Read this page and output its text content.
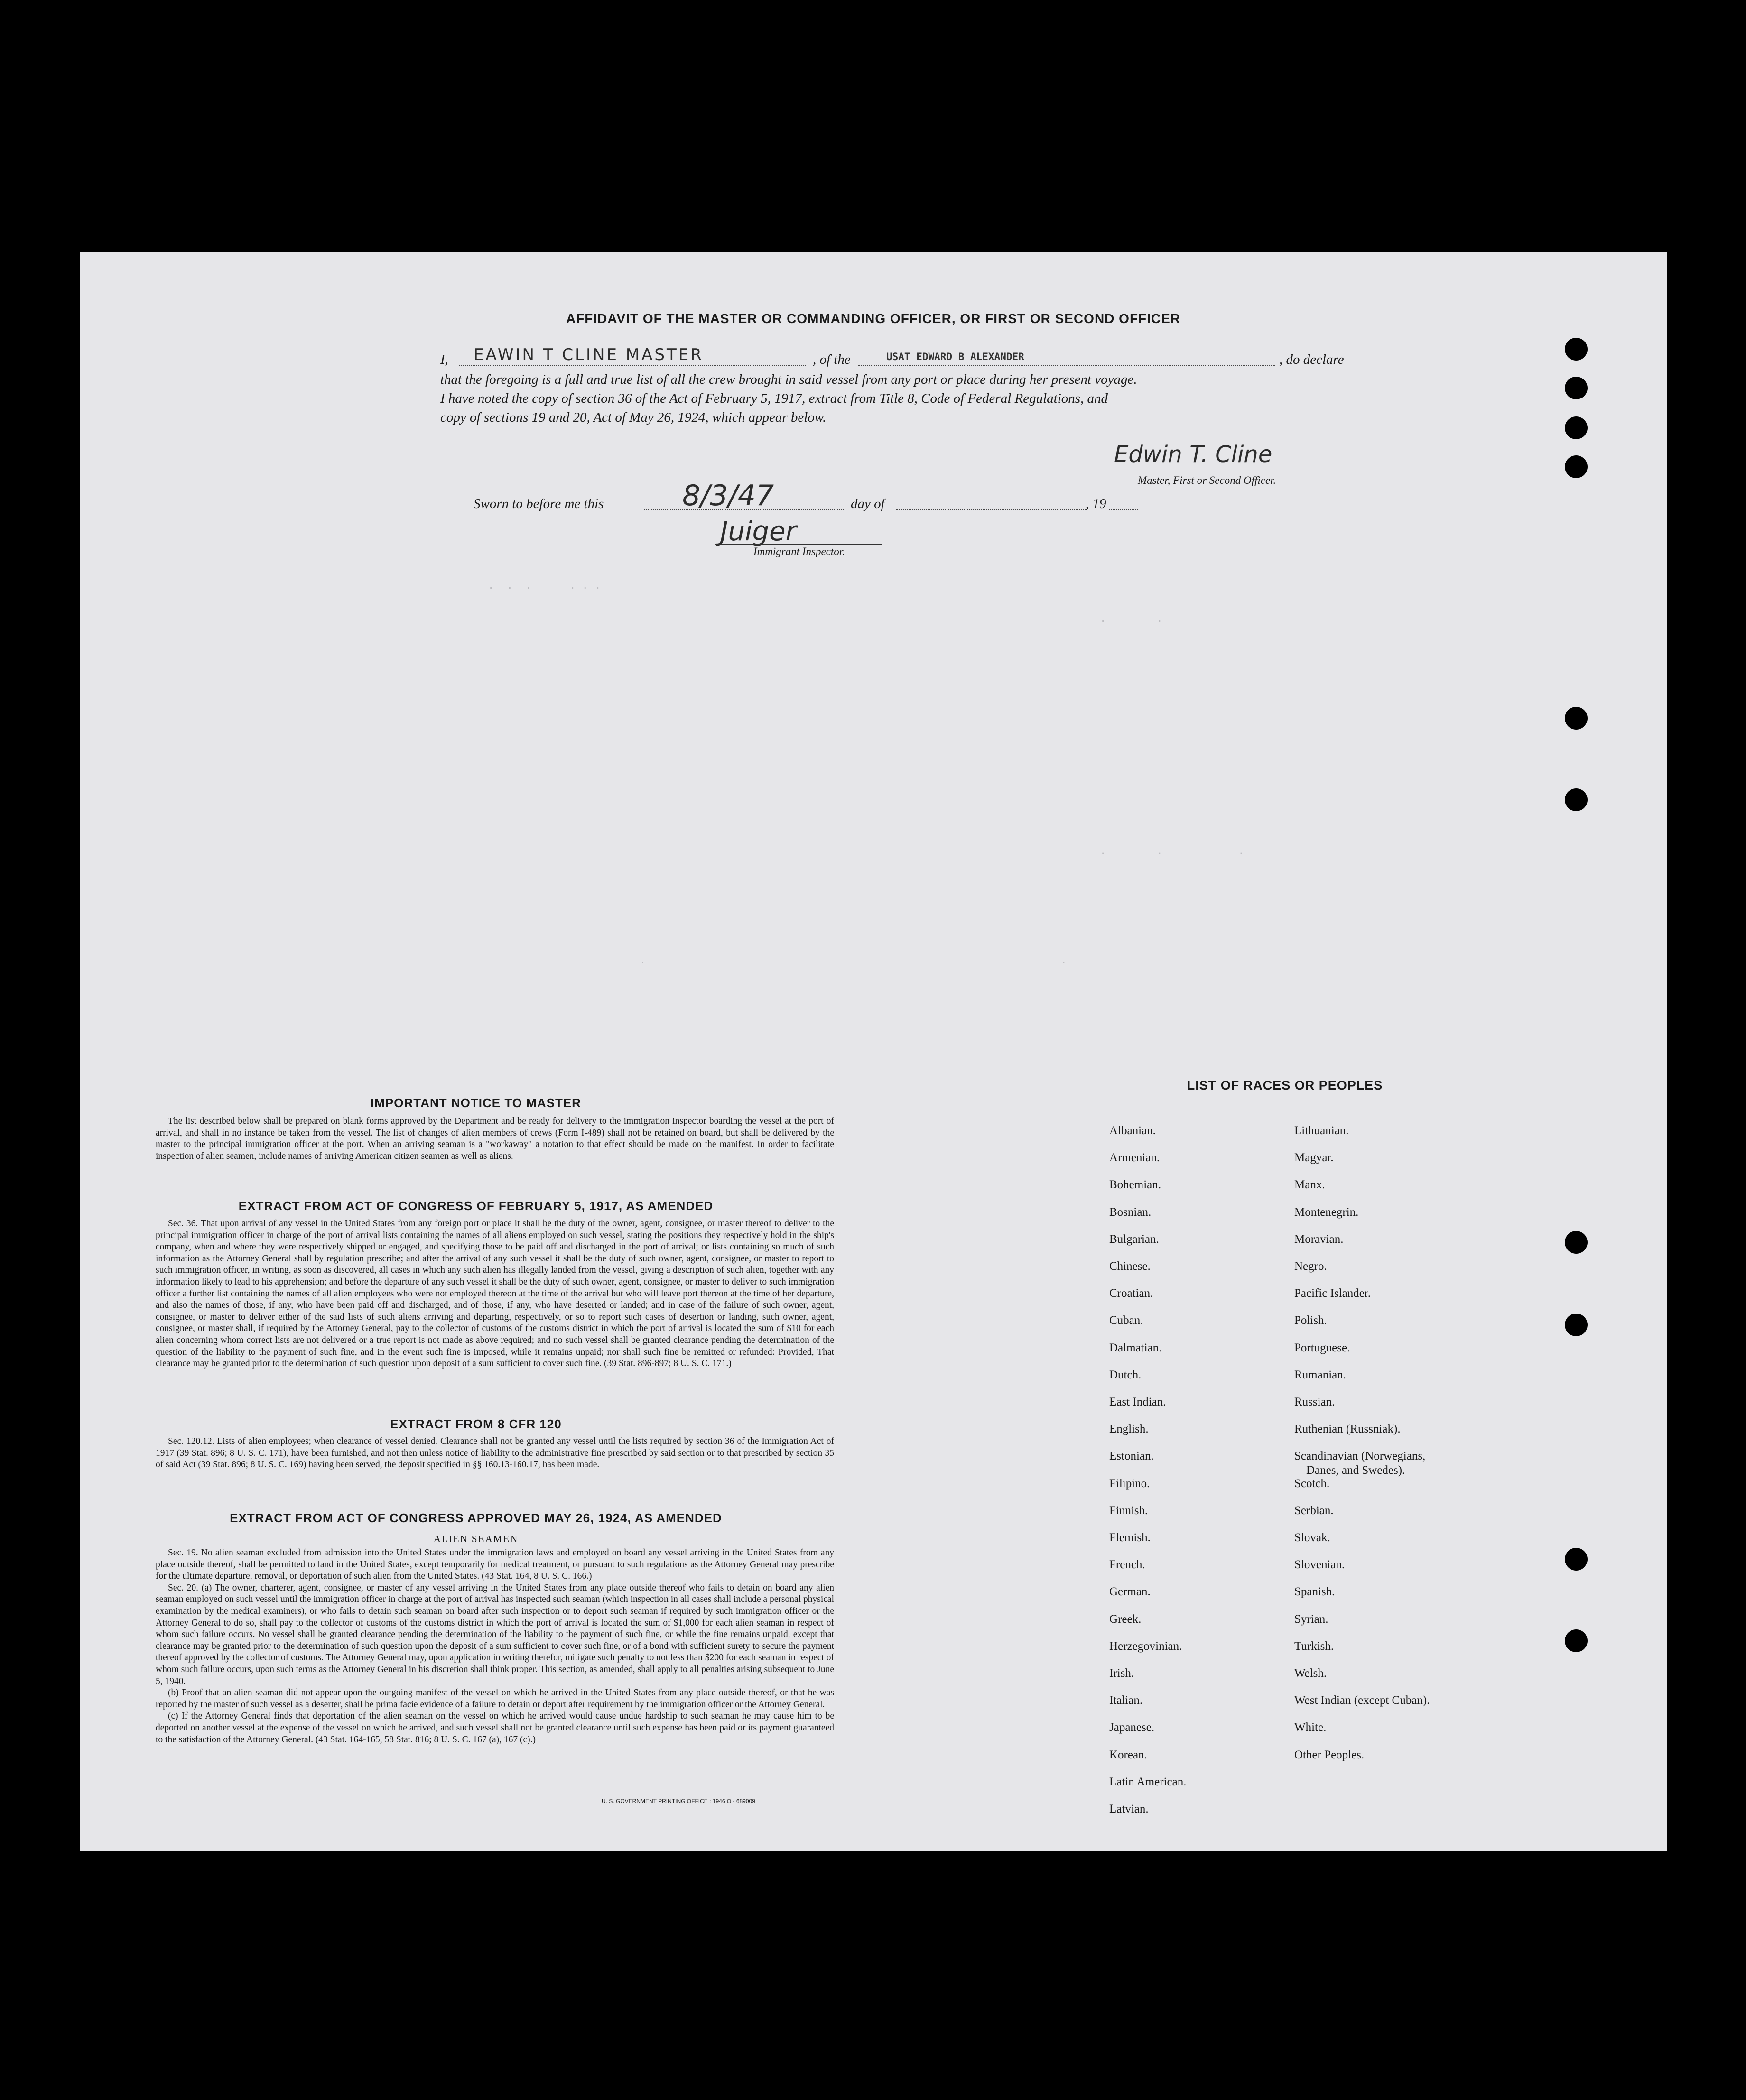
.  .  .      . . .
.        .
.        .            .
.                                                                  .
AFFIDAVIT OF THE MASTER OR COMMANDING OFFICER, OR FIRST OR SECOND OFFICER
I, EAWIN T CLINE MASTER	, of the	USAT EDWARD B ALEXANDER	, do declare
that the foregoing is a full and true list of all the crew brought in said vessel from any port or place during her present voyage.
I have noted the copy of section 36 of the Act of February 5, 1917, extract from Title 8, Code of Federal Regulations, and
copy of sections 19 and 20, Act of May 26, 1924, which appear below.
Edwin T. Cline
Master, First or Second Officer.
Sworn to before me this	8/3/47	day of	, 19
Juiger
Immigrant Inspector.
IMPORTANT NOTICE TO MASTER

The list described below shall be prepared on blank forms approved by the Department and be ready for delivery to the immigration inspector boarding the vessel at the port of arrival, and shall in no instance be taken from the vessel. The list of changes of alien members of crews (Form I-489) shall not be retained on board, but shall be delivered by the master to the principal immigration officer at the port. When an arriving seaman is a "workaway" a notation to that effect should be made on the manifest. In order to facilitate inspection of alien seamen, include names of arriving American citizen seamen as well as aliens.

EXTRACT FROM ACT OF CONGRESS OF FEBRUARY 5, 1917, AS AMENDED

Sec. 36. That upon arrival of any vessel in the United States from any foreign port or place it shall be the duty of the owner, agent, consignee, or master thereof to deliver to the principal immigration officer in charge of the port of arrival lists containing the names of all aliens employed on such vessel, stating the positions they respectively hold in the ship's company, when and where they were respectively shipped or engaged, and specifying those to be paid off and discharged in the port of arrival; or lists containing so much of such information as the Attorney General shall by regulation prescribe; and after the arrival of any such vessel it shall be the duty of such owner, agent, consignee, or master to report to such immigration officer, in writing, as soon as discovered, all cases in which any such alien has illegally landed from the vessel, giving a description of such alien, together with any information likely to lead to his apprehension; and before the departure of any such vessel it shall be the duty of such owner, agent, consignee, or master to deliver to such immigration officer a further list containing the names of all alien employees who were not employed thereon at the time of the arrival but who will leave port thereon at the time of her departure, and also the names of those, if any, who have been paid off and discharged, and of those, if any, who have deserted or landed; and in case of the failure of such owner, agent, consignee, or master to deliver either of the said lists of such aliens arriving and departing, respectively, or so to report such cases of desertion or landing, such owner, agent, consignee, or master shall, if required by the Attorney General, pay to the collector of customs of the customs district in which the port of arrival is located the sum of $10 for each alien concerning whom correct lists are not delivered or a true report is not made as above required; and no such vessel shall be granted clearance pending the determination of the question of the liability to the payment of such fine, and in the event such fine is imposed, while it remains unpaid; nor shall such fine be remitted or refunded: Provided, That clearance may be granted prior to the determination of such question upon deposit of a sum sufficient to cover such fine. (39 Stat. 896-897; 8 U. S. C. 171.)

EXTRACT FROM 8 CFR 120

Sec. 120.12. Lists of alien employees; when clearance of vessel denied. Clearance shall not be granted any vessel until the lists required by section 36 of the Immigration Act of 1917 (39 Stat. 896; 8 U. S. C. 171), have been furnished, and not then unless notice of liability to the administrative fine prescribed by said section or to that prescribed by section 35 of said Act (39 Stat. 896; 8 U. S. C. 169) having been served, the deposit specified in §§ 160.13-160.17, has been made.

EXTRACT FROM ACT OF CONGRESS APPROVED MAY 26, 1924, AS AMENDED
ALIEN SEAMEN

Sec. 19. No alien seaman excluded from admission into the United States under the immigration laws and employed on board any vessel arriving in the United States from any place outside thereof, shall be permitted to land in the United States, except temporarily for medical treatment, or pursuant to such regulations as the Attorney General may prescribe for the ultimate departure, removal, or deportation of such alien from the United States. (43 Stat. 164, 8 U. S. C. 166.)

Sec. 20. (a) The owner, charterer, agent, consignee, or master of any vessel arriving in the United States from any place outside thereof who fails to detain on board any alien seaman employed on such vessel until the immigration officer in charge at the port of arrival has inspected such seaman (which inspection in all cases shall include a personal physical examination by the medical examiners), or who fails to detain such seaman on board after such inspection or to deport such seaman if required by such immigration officer or the Attorney General to do so, shall pay to the collector of customs of the customs district in which the port of arrival is located the sum of $1,000 for each alien seaman in respect of whom such failure occurs. No vessel shall be granted clearance pending the determination of the liability to the payment of such fine, or while the fine remains unpaid, except that clearance may be granted prior to the determination of such question upon the deposit of a sum sufficient to cover such fine, or of a bond with sufficient surety to secure the payment thereof approved by the collector of customs. The Attorney General may, upon application in writing therefor, mitigate such penalty to not less than $200 for each seaman in respect of whom such failure occurs, upon such terms as the Attorney General in his discretion shall think proper. This section, as amended, shall apply to all penalties arising subsequent to June 5, 1940.

(b) Proof that an alien seaman did not appear upon the outgoing manifest of the vessel on which he arrived in the United States from any place outside thereof, or that he was reported by the master of such vessel as a deserter, shall be prima facie evidence of a failure to detain or deport after requirement by the immigration officer or the Attorney General.

(c) If the Attorney General finds that deportation of the alien seaman on the vessel on which he arrived would cause undue hardship to such seaman he may cause him to be deported on another vessel at the expense of the vessel on which he arrived, and such vessel shall not be granted clearance until such expense has been paid or its payment guaranteed to the satisfaction of the Attorney General. (43 Stat. 164-165, 58 Stat. 816; 8 U. S. C. 167 (a), 167 (c).)

U. S. GOVERNMENT PRINTING OFFICE : 1946 O - 689009
LIST OF RACES OR PEOPLES
Albanian.
Armenian.
Bohemian.
Bosnian.
Bulgarian.
Chinese.
Croatian.
Cuban.
Dalmatian.
Dutch.
East Indian.
English.
Estonian.
Filipino.
Finnish.
Flemish.
French.
German.
Greek.
Herzegovinian.
Irish.
Italian.
Japanese.
Korean.
Latin American.
Latvian.
Lithuanian.
Magyar.
Manx.
Montenegrin.
Moravian.
Negro.
Pacific Islander.
Polish.
Portuguese.
Rumanian.
Russian.
Ruthenian (Russniak).
Scandinavian (Norwegians,
Danes, and Swedes).
Scotch.
Serbian.
Slovak.
Slovenian.
Spanish.
Syrian.
Turkish.
Welsh.
West Indian (except Cuban).
White.
Other Peoples.
